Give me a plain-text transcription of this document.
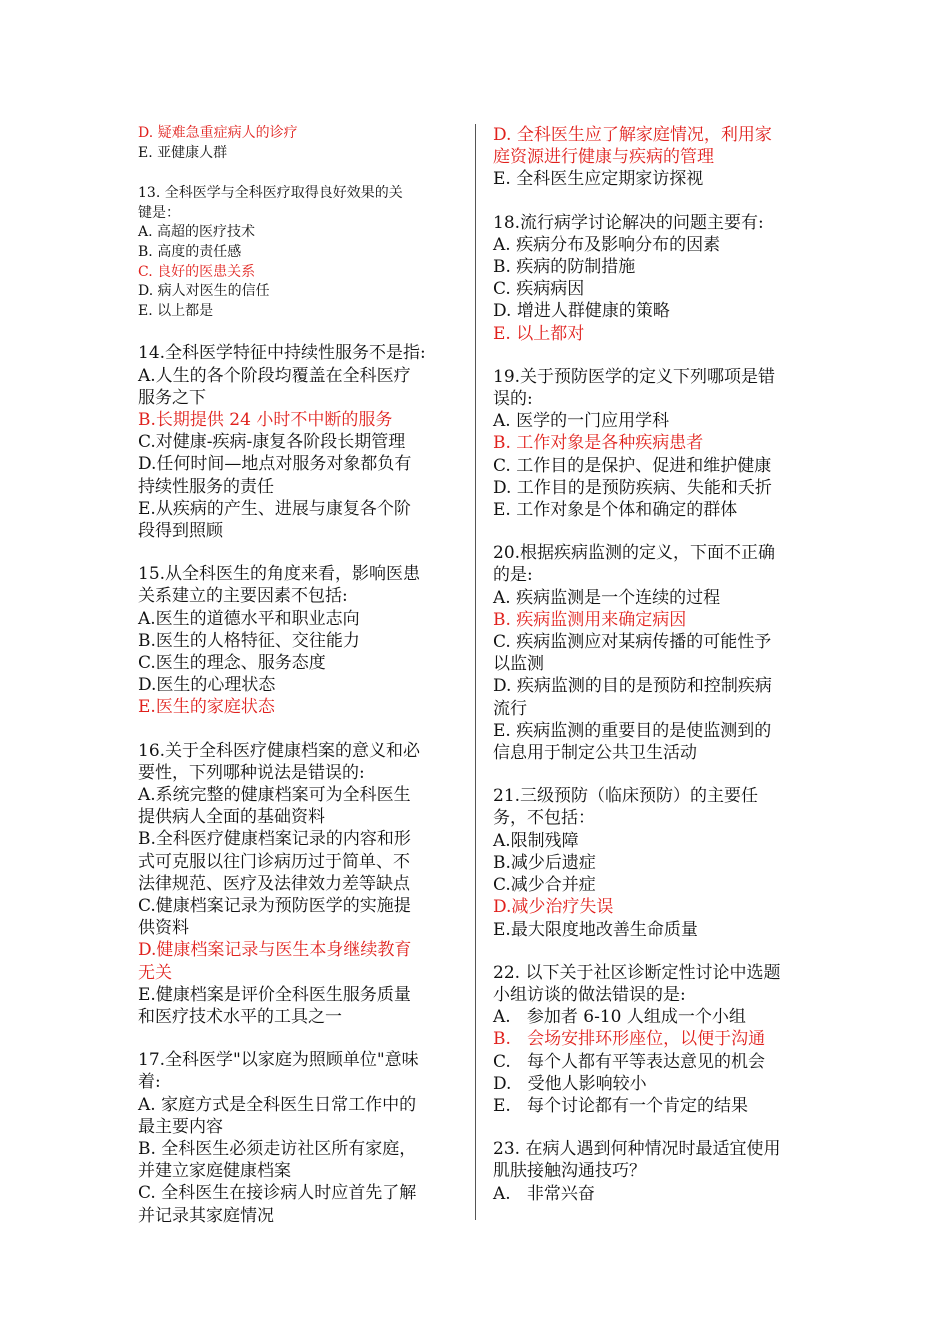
D. 疑难急重症病人的诊疗
E. 亚健康人群
13. 全科医学与全科医疗取得良好效果的关
键是：
A. 高超的医疗技术
B. 高度的责任感
C. 良好的医患关系
D. 病人对医生的信任
E. 以上都是
14.全科医学特征中持续性服务不是指:
A.人生的各个阶段均覆盖在全科医疗
服务之下
B.长期提供 24 小时不中断的服务
C.对健康-疾病-康复各阶段长期管理
D.任何时间—地点对服务对象都负有
持续性服务的责任
E.从疾病的产生、进展与康复各个阶
段得到照顾
15.从全科医生的角度来看，影响医患
关系建立的主要因素不包括:
A.医生的道德水平和职业志向
B.医生的人格特征、交往能力
C.医生的理念、服务态度
D.医生的心理状态
E.医生的家庭状态
16.关于全科医疗健康档案的意义和必
要性，下列哪种说法是错误的:
A.系统完整的健康档案可为全科医生
提供病人全面的基础资料
B.全科医疗健康档案记录的内容和形
式可克服以往门诊病历过于简单、不
法律规范、医疗及法律效力差等缺点
C.健康档案记录为预防医学的实施提
供资料
D.健康档案记录与医生本身继续教育
无关
E.健康档案是评价全科医生服务质量
和医疗技术水平的工具之一
17.全科医学"以家庭为照顾单位"意味
着:
A. 家庭方式是全科医生日常工作中的
最主要内容
B. 全科医生必须走访社区所有家庭，
并建立家庭健康档案
C. 全科医生在接诊病人时应首先了解
并记录其家庭情况
D. 全科医生应了解家庭情况，利用家
庭资源进行健康与疾病的管理
E. 全科医生应定期家访探视
18.流行病学讨论解决的问题主要有:
A. 疾病分布及影响分布的因素
B. 疾病的防制措施
C. 疾病病因
D. 增进人群健康的策略
E. 以上都对
19.关于预防医学的定义下列哪项是错
误的:
A. 医学的一门应用学科
B. 工作对象是各种疾病患者
C. 工作目的是保护、促进和维护健康
D. 工作目的是预防疾病、失能和夭折
E. 工作对象是个体和确定的群体
20.根据疾病监测的定义，下面不正确
的是:
A. 疾病监测是一个连续的过程
B. 疾病监测用来确定病因
C. 疾病监测应对某病传播的可能性予
以监测
D. 疾病监测的目的是预防和控制疾病
流行
E. 疾病监测的重要目的是使监测到的
信息用于制定公共卫生活动
21.三级预防（临床预防）的主要任
务，不包括：
A.限制残障
B.减少后遗症
C.减少合并症
D.减少治疗失误
E.最大限度地改善生命质量
22. 以下关于社区诊断定性讨论中选题
小组访谈的做法错误的是:
A.   参加者 6-10 人组成一个小组
B.   会场安排环形座位，以便于沟通
C.   每个人都有平等表达意见的机会
D.   受他人影响较小
E.   每个讨论都有一个肯定的结果
23. 在病人遇到何种情况时最适宜使用
肌肤接触沟通技巧？
A.   非常兴奋
